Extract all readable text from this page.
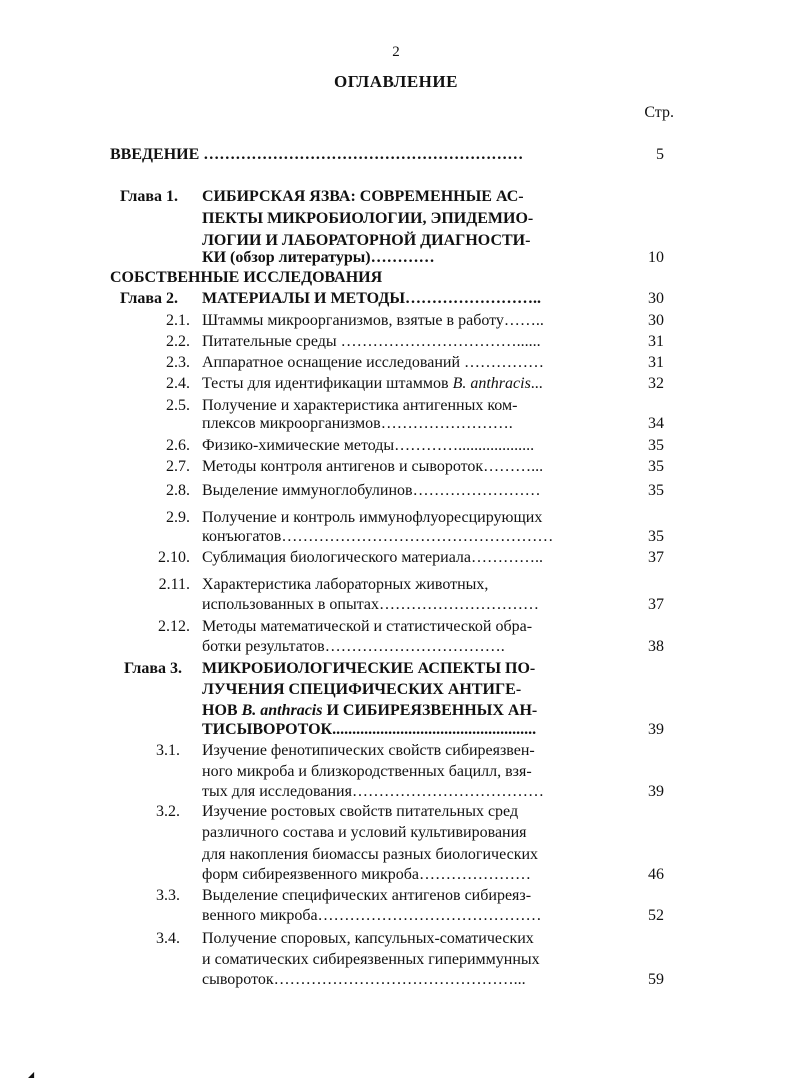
2
ОГЛАВЛЕНИЕ
Стр.
ВВЕДЕНИЕ ……………………………………………………	5
Глава 1. СИБИРСКАЯ ЯЗВА: СОВРЕМЕННЫЕ АС-
ПЕКТЫ МИКРОБИОЛОГИИ, ЭПИДЕМИО-
ЛОГИИ И ЛАБОРАТОРНОЙ ДИАГНОСТИ-
КИ (обзор литературы)…………	10
СОБСТВЕННЫЕ ИССЛЕДОВАНИЯ
Глава 2. МАТЕРИАЛЫ И МЕТОДЫ……………………..	30
2.1. Штаммы микроорганизмов, взятые в работу……..	30
2.2. Питательные среды ……………………………......	31
2.3. Аппаратное оснащение исследований ……………	31
2.4. Тесты для идентификации штаммов B. anthracis...	32
2.5. Получение и характеристика антигенных ком-
плексов микроорганизмов…………………….	34
2.6. Физико-химические методы…………...................	35
2.7. Методы контроля антигенов и сывороток………...	35
2.8. Выделение иммуноглобулинов……………………	35
2.9. Получение и контроль иммунофлуоресцирующих
конъюгатов……………………………………………	35
2.10. Сублимация биологического материала…………..	37
2.11. Характеристика лабораторных животных,
использованных в опытах…………………………	37
2.12. Методы математической и статистической обра-
ботки результатов…………………………….	38
Глава 3. МИКРОБИОЛОГИЧЕСКИЕ АСПЕКТЫ ПО-
ЛУЧЕНИЯ СПЕЦИФИЧЕСКИХ АНТИГЕ-
НОВ B. anthracis И СИБИРЕЯЗВЕННЫХ АН-
ТИСЫВОРОТОК...................................................	39
3.1. Изучение фенотипических свойств сибиреязвен-
ного микроба и близкородственных бацилл, взя-
тых для исследования………………………………	39
3.2. Изучение ростовых свойств питательных сред
различного состава и условий культивирования
для накопления биомассы разных биологических
форм сибиреязвенного микроба…………………	46
3.3. Выделение специфических антигенов сибиреяз-
венного микроба……………………………………	52
3.4. Получение споровых, капсульных-соматических
и соматических сибиреязвенных гипериммунных
сывороток………………………………………...	59
◢
